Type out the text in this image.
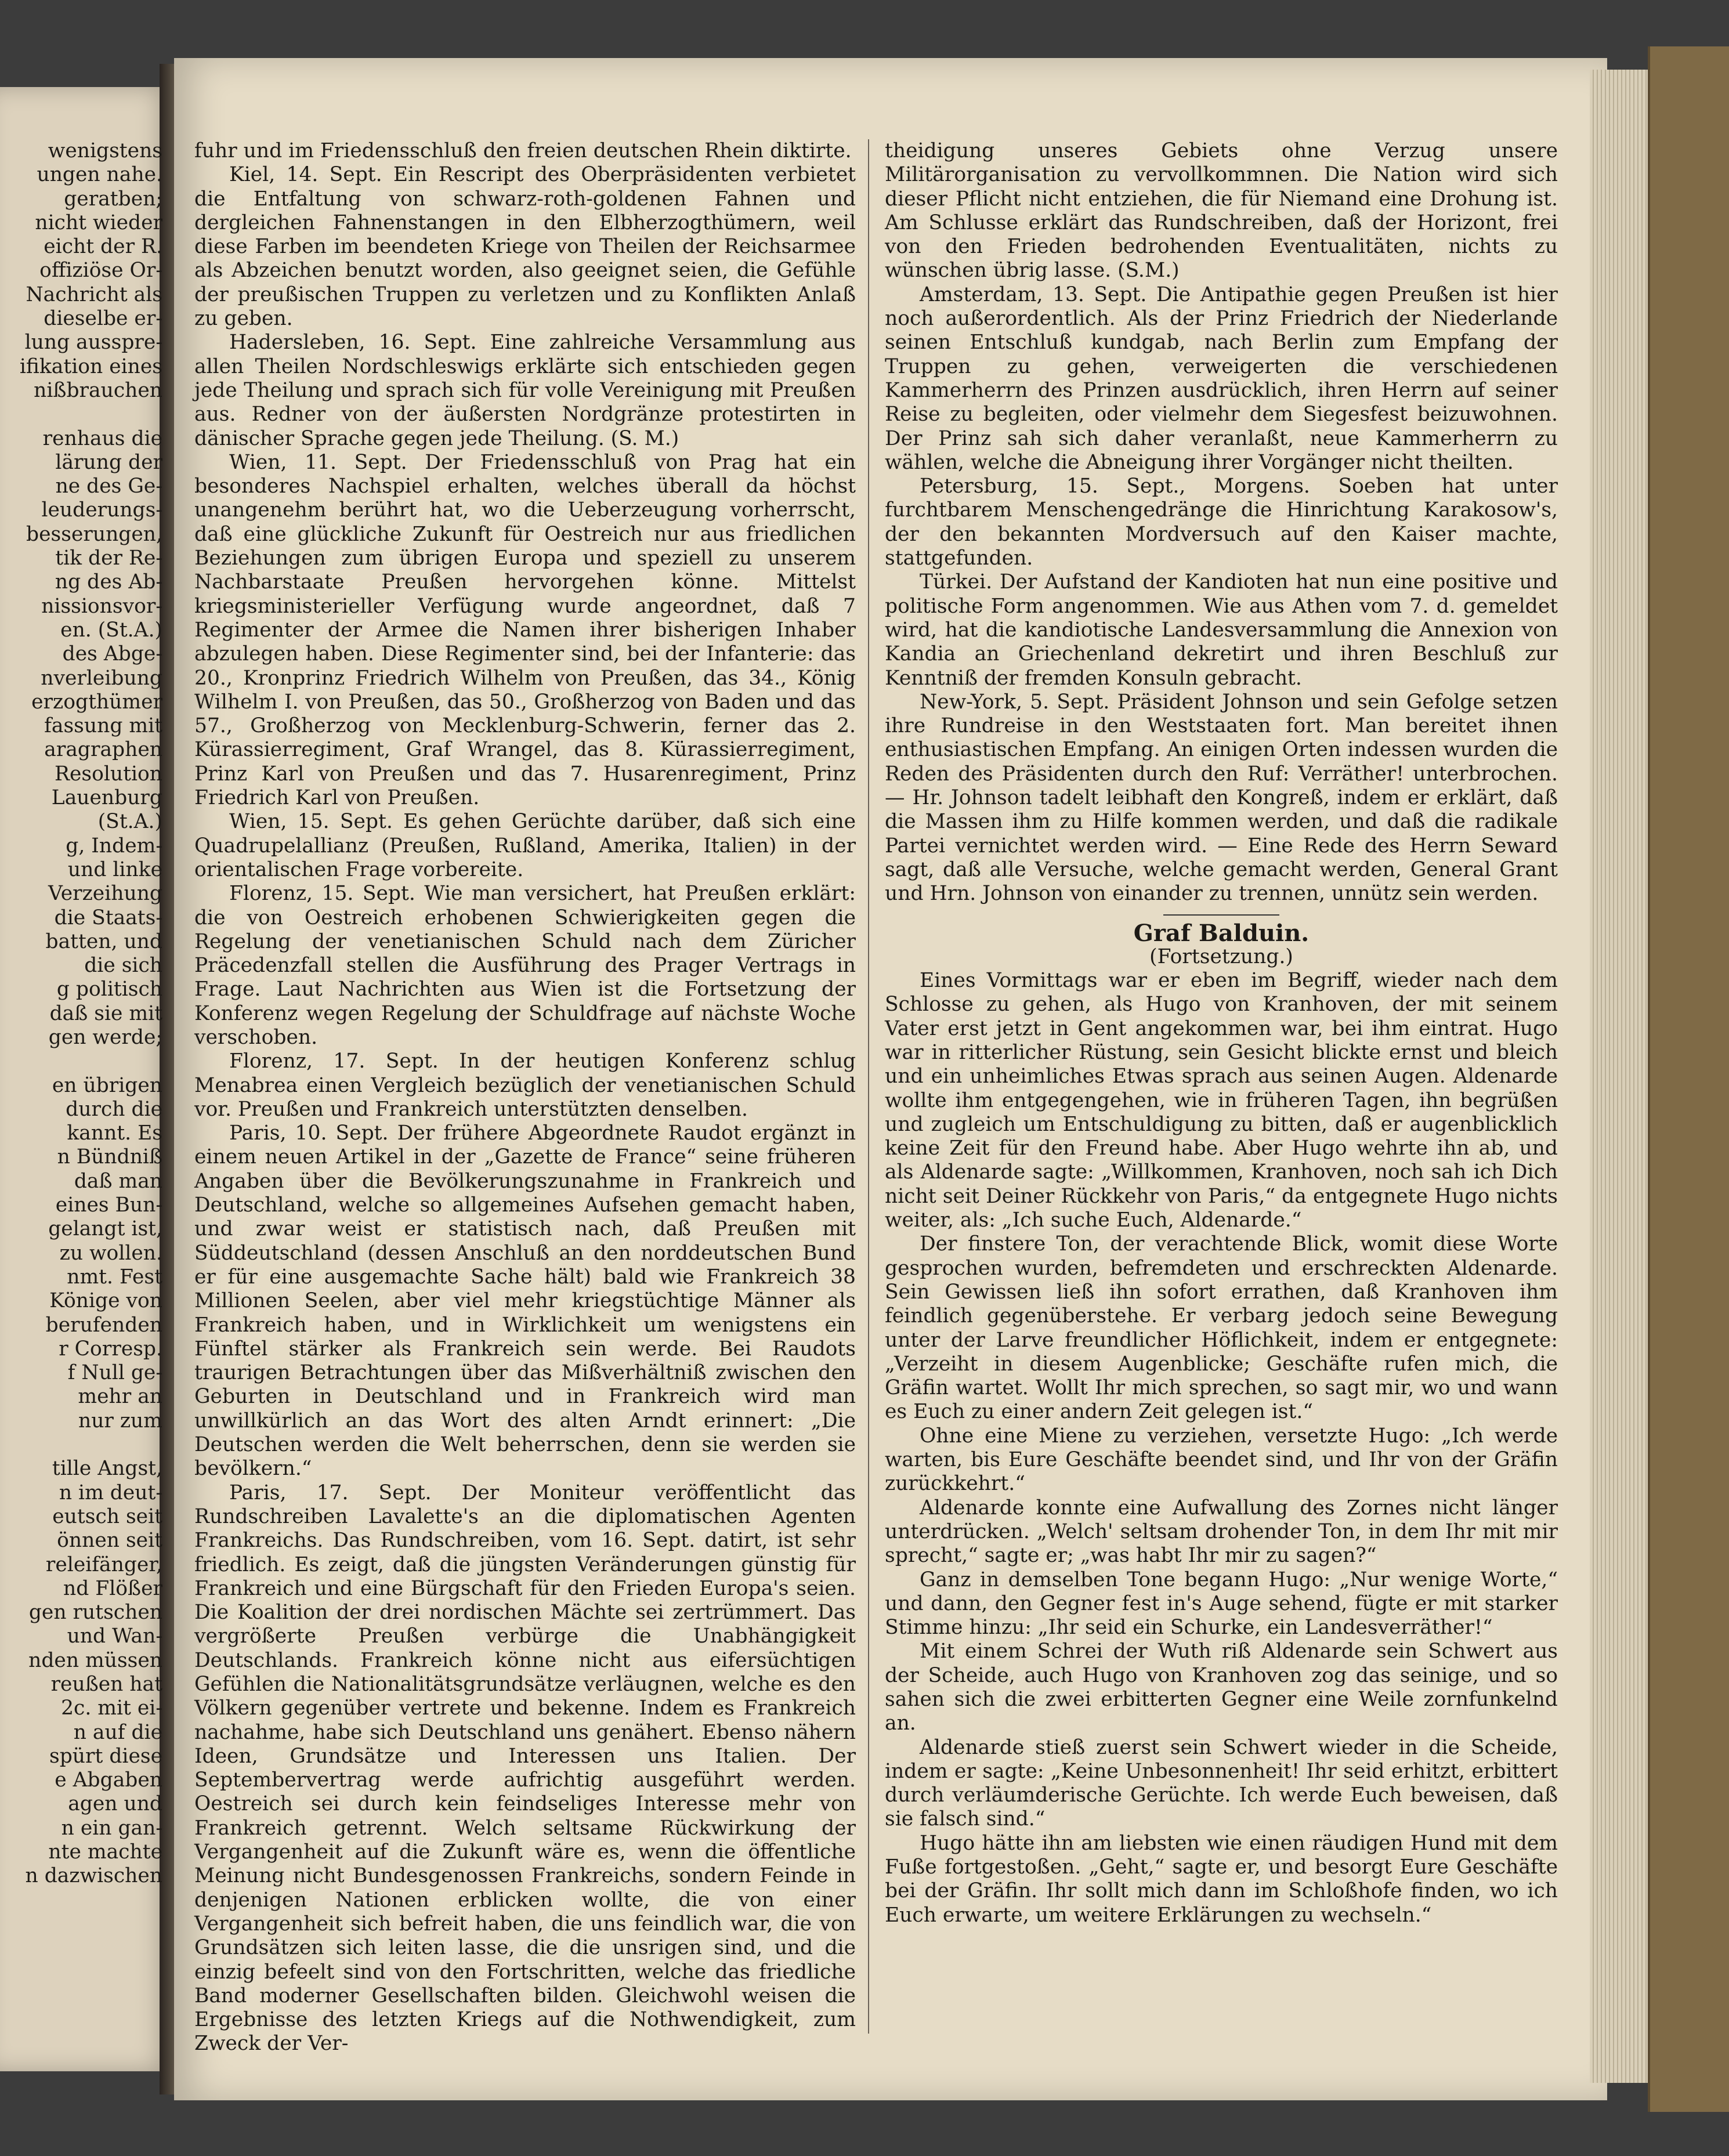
wenigstens

ungen nahe.

geratben;

nicht wieder

eicht der R.

offiziöse Or-

Nachricht als

dieselbe er-

lung ausspre-

ifikation eines

nißbrauchen

renhaus die

lärung der

ne des Ge-

leuderungs-

besserungen,

tik der Re-

ng des Ab-

nissionsvor-

en. (St.A.)

des Abge-

nverleibung

erzogthümer

fassung mit

aragraphen

Resolution

Lauenburg

(St.A.)

g, Indem-

und linke

Verzeihung

die Staats-

batten, und

die sich

g politisch

daß sie mit

gen werde;

en übrigen

durch die

kannt. Es

n Bündniß

daß man

eines Bun-

gelangt ist,

zu wollen.

nmt. Fest

Könige von

berufenden

r Corresp.

f Null ge-

mehr an

nur zum

tille Angst,

n im deut-

eutsch seit

önnen seit

releifänger,

nd Flößer

gen rutschen

und Wan-

nden müssen

reußen hat

2c. mit ei-

n auf die

spürt diese

e Abgaben

agen und

n ein gan-

nte machte

n dazwischen

fuhr und im Friedensschluß den freien deutschen Rhein diktirte.

Kiel, 14. Sept. Ein Rescript des Oberpräsidenten verbietet die Entfaltung von schwarz-roth-goldenen Fahnen und dergleichen Fahnenstangen in den Elbherzogthümern, weil diese Farben im beendeten Kriege von Theilen der Reichsarmee als Abzeichen benutzt worden, also geeignet seien, die Gefühle der preußischen Truppen zu verletzen und zu Konflikten Anlaß zu geben.

Hadersleben, 16. Sept. Eine zahlreiche Versammlung aus allen Theilen Nordschleswigs erklärte sich entschieden gegen jede Theilung und sprach sich für volle Vereinigung mit Preußen aus. Redner von der äußersten Nordgränze protestirten in dänischer Sprache gegen jede Theilung. (S. M.)

Wien, 11. Sept. Der Friedensschluß von Prag hat ein besonderes Nachspiel erhalten, welches überall da höchst unangenehm berührt hat, wo die Ueberzeugung vorherrscht, daß eine glückliche Zukunft für Oestreich nur aus friedlichen Beziehungen zum übrigen Europa und speziell zu unserem Nachbarstaate Preußen hervorgehen könne. Mittelst kriegsministerieller Verfügung wurde angeordnet, daß 7 Regimenter der Armee die Namen ihrer bisherigen Inhaber abzulegen haben. Diese Regimenter sind, bei der Infanterie: das 20., Kronprinz Friedrich Wilhelm von Preußen, das 34., König Wilhelm I. von Preußen, das 50., Großherzog von Baden und das 57., Großherzog von Mecklenburg-Schwerin, ferner das 2. Kürassierregiment, Graf Wrangel, das 8. Kürassierregiment, Prinz Karl von Preußen und das 7. Husarenregiment, Prinz Friedrich Karl von Preußen.

Wien, 15. Sept. Es gehen Gerüchte darüber, daß sich eine Quadrupelallianz (Preußen, Rußland, Amerika, Italien) in der orientalischen Frage vorbereite.

Florenz, 15. Sept. Wie man versichert, hat Preußen erklärt: die von Oestreich erhobenen Schwierigkeiten gegen die Regelung der venetianischen Schuld nach dem Züricher Präcedenzfall stellen die Ausführung des Prager Vertrags in Frage. Laut Nachrichten aus Wien ist die Fortsetzung der Konferenz wegen Regelung der Schuldfrage auf nächste Woche verschoben.

Florenz, 17. Sept. In der heutigen Konferenz schlug Menabrea einen Vergleich bezüglich der venetianischen Schuld vor. Preußen und Frankreich unterstützten denselben.

Paris, 10. Sept. Der frühere Abgeordnete Raudot ergänzt in einem neuen Artikel in der „Gazette de France“ seine früheren Angaben über die Bevölkerungszunahme in Frankreich und Deutschland, welche so allgemeines Aufsehen gemacht haben, und zwar weist er statistisch nach, daß Preußen mit Süddeutschland (dessen Anschluß an den norddeutschen Bund er für eine ausgemachte Sache hält) bald wie Frankreich 38 Millionen Seelen, aber viel mehr kriegstüchtige Männer als Frankreich haben, und in Wirklichkeit um wenigstens ein Fünftel stärker als Frankreich sein werde. Bei Raudots traurigen Betrachtungen über das Mißverhältniß zwischen den Geburten in Deutschland und in Frankreich wird man unwillkürlich an das Wort des alten Arndt erinnert: „Die Deutschen werden die Welt beherrschen, denn sie werden sie bevölkern.“

Paris, 17. Sept. Der Moniteur veröffentlicht das Rundschreiben Lavalette's an die diplomatischen Agenten Frankreichs. Das Rundschreiben, vom 16. Sept. datirt, ist sehr friedlich. Es zeigt, daß die jüngsten Veränderungen günstig für Frankreich und eine Bürgschaft für den Frieden Europa's seien. Die Koalition der drei nordischen Mächte sei zertrümmert. Das vergrößerte Preußen verbürge die Unabhängigkeit Deutschlands. Frankreich könne nicht aus eifersüchtigen Gefühlen die Nationalitätsgrundsätze verläugnen, welche es den Völkern gegenüber vertrete und bekenne. Indem es Frankreich nachahme, habe sich Deutschland uns genähert. Ebenso nähern Ideen, Grundsätze und Interessen uns Italien. Der Septembervertrag werde aufrichtig ausgeführt werden. Oestreich sei durch kein feindseliges Interesse mehr von Frankreich getrennt. Welch seltsame Rückwirkung der Vergangenheit auf die Zukunft wäre es, wenn die öffentliche Meinung nicht Bundesgenossen Frankreichs, sondern Feinde in denjenigen Nationen erblicken wollte, die von einer Vergangenheit sich befreit haben, die uns feindlich war, die von Grundsätzen sich leiten lasse, die die unsrigen sind, und die einzig befeelt sind von den Fortschritten, welche das friedliche Band moderner Gesellschaften bilden. Gleichwohl weisen die Ergebnisse des letzten Kriegs auf die Nothwendigkeit, zum Zweck der Ver-

theidigung unseres Gebiets ohne Verzug unsere Militärorganisation zu vervollkommnen. Die Nation wird sich dieser Pflicht nicht entziehen, die für Niemand eine Drohung ist. Am Schlusse erklärt das Rundschreiben, daß der Horizont, frei von den Frieden bedrohenden Eventualitäten, nichts zu wünschen übrig lasse. (S.M.)

Amsterdam, 13. Sept. Die Antipathie gegen Preußen ist hier noch außerordentlich. Als der Prinz Friedrich der Niederlande seinen Entschluß kundgab, nach Berlin zum Empfang der Truppen zu gehen, verweigerten die verschiedenen Kammerherrn des Prinzen ausdrücklich, ihren Herrn auf seiner Reise zu begleiten, oder vielmehr dem Siegesfest beizuwohnen. Der Prinz sah sich daher veranlaßt, neue Kammerherrn zu wählen, welche die Abneigung ihrer Vorgänger nicht theilten.

Petersburg, 15. Sept., Morgens. Soeben hat unter furchtbarem Menschengedränge die Hinrichtung Karakosow's, der den bekannten Mordversuch auf den Kaiser machte, stattgefunden.

Türkei. Der Aufstand der Kandioten hat nun eine positive und politische Form angenommen. Wie aus Athen vom 7. d. gemeldet wird, hat die kandiotische Landesversammlung die Annexion von Kandia an Griechenland dekretirt und ihren Beschluß zur Kenntniß der fremden Konsuln gebracht.

New-York, 5. Sept. Präsident Johnson und sein Gefolge setzen ihre Rundreise in den Weststaaten fort. Man bereitet ihnen enthusiastischen Empfang. An einigen Orten indessen wurden die Reden des Präsidenten durch den Ruf: Verräther! unterbrochen. — Hr. Johnson tadelt leibhaft den Kongreß, indem er erklärt, daß die Massen ihm zu Hilfe kommen werden, und daß die radikale Partei vernichtet werden wird. — Eine Rede des Herrn Seward sagt, daß alle Versuche, welche gemacht werden, General Grant und Hrn. Johnson von einander zu trennen, unnütz sein werden.

Graf Balduin.

(Fortsetzung.)

Eines Vormittags war er eben im Begriff, wieder nach dem Schlosse zu gehen, als Hugo von Kranhoven, der mit seinem Vater erst jetzt in Gent angekommen war, bei ihm eintrat. Hugo war in ritterlicher Rüstung, sein Gesicht blickte ernst und bleich und ein unheimliches Etwas sprach aus seinen Augen. Aldenarde wollte ihm entgegengehen, wie in früheren Tagen, ihn begrüßen und zugleich um Entschuldigung zu bitten, daß er augenblicklich keine Zeit für den Freund habe. Aber Hugo wehrte ihn ab, und als Aldenarde sagte: „Willkommen, Kranhoven, noch sah ich Dich nicht seit Deiner Rückkehr von Paris,“ da entgegnete Hugo nichts weiter, als: „Ich suche Euch, Aldenarde.“

Der finstere Ton, der verachtende Blick, womit diese Worte gesprochen wurden, befremdeten und erschreckten Aldenarde. Sein Gewissen ließ ihn sofort errathen, daß Kranhoven ihm feindlich gegenüberstehe. Er verbarg jedoch seine Bewegung unter der Larve freundlicher Höflichkeit, indem er entgegnete: „Verzeiht in diesem Augenblicke; Geschäfte rufen mich, die Gräfin wartet. Wollt Ihr mich sprechen, so sagt mir, wo und wann es Euch zu einer andern Zeit gelegen ist.“

Ohne eine Miene zu verziehen, versetzte Hugo: „Ich werde warten, bis Eure Geschäfte beendet sind, und Ihr von der Gräfin zurückkehrt.“

Aldenarde konnte eine Aufwallung des Zornes nicht länger unterdrücken. „Welch' seltsam drohender Ton, in dem Ihr mit mir sprecht,“ sagte er; „was habt Ihr mir zu sagen?“

Ganz in demselben Tone begann Hugo: „Nur wenige Worte,“ und dann, den Gegner fest in's Auge sehend, fügte er mit starker Stimme hinzu: „Ihr seid ein Schurke, ein Landesverräther!“

Mit einem Schrei der Wuth riß Aldenarde sein Schwert aus der Scheide, auch Hugo von Kranhoven zog das seinige, und so sahen sich die zwei erbitterten Gegner eine Weile zornfunkelnd an.

Aldenarde stieß zuerst sein Schwert wieder in die Scheide, indem er sagte: „Keine Unbesonnenheit! Ihr seid erhitzt, erbittert durch verläumderische Gerüchte. Ich werde Euch beweisen, daß sie falsch sind.“

Hugo hätte ihn am liebsten wie einen räudigen Hund mit dem Fuße fortgestoßen. „Geht,“ sagte er, und besorgt Eure Geschäfte bei der Gräfin. Ihr sollt mich dann im Schloßhofe finden, wo ich Euch erwarte, um weitere Erklärungen zu wechseln.“
